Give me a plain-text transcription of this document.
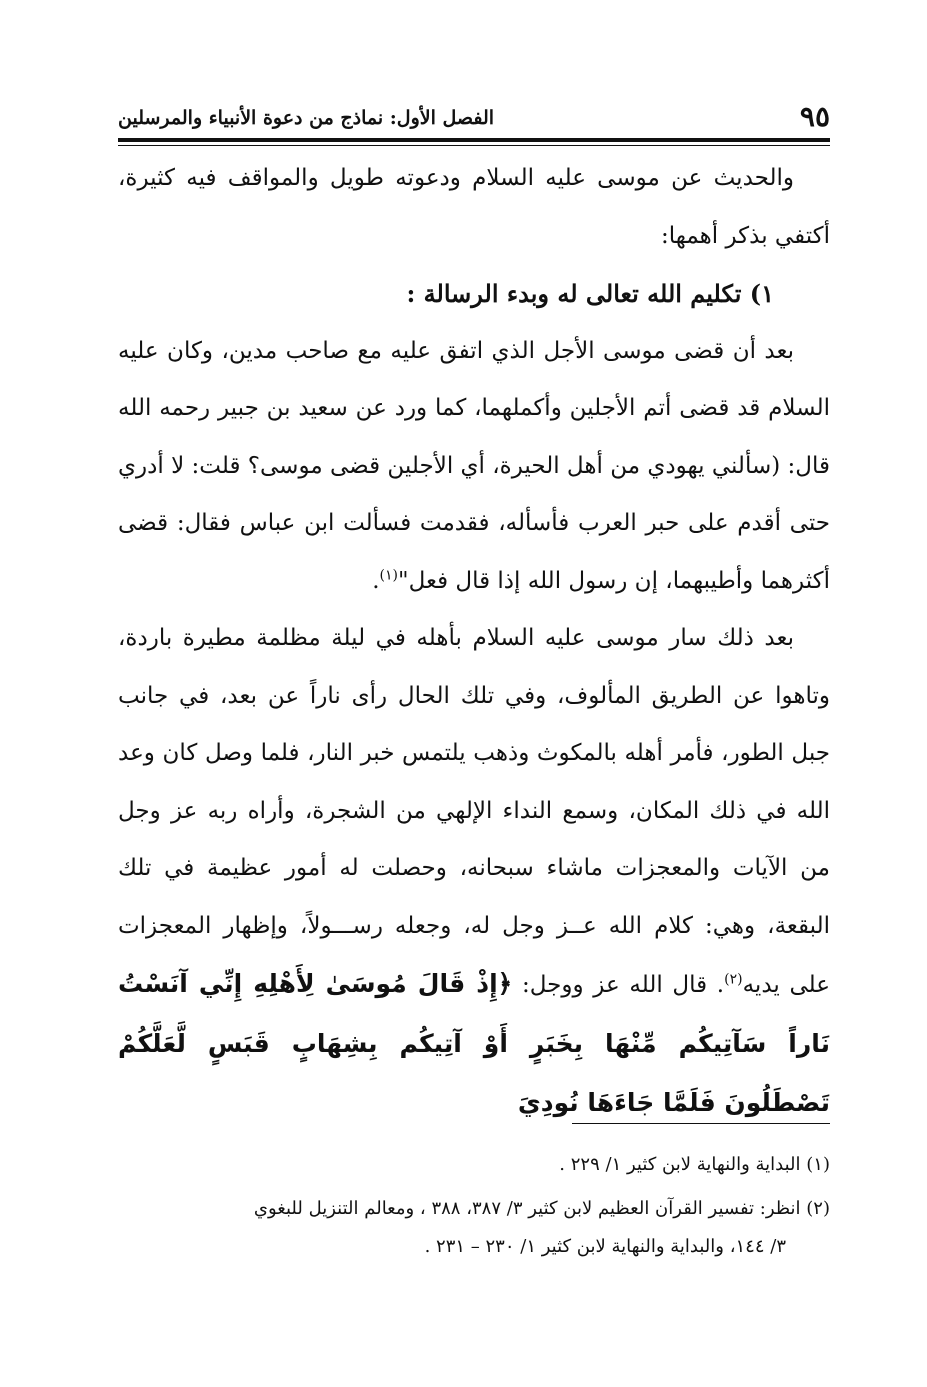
٩٥
الفصل الأول: نماذج من دعوة الأنبياء والمرسلين

والحديث عن موسى عليه السلام ودعوته طويل والمواقف فيه كثيرة، أكتفي بذكر أهمها:

١) تكليم الله تعالى له وبدء الرسالة :

بعد أن قضى موسى الأجل الذي اتفق عليه مع صاحب مدين، وكان عليه السلام قد قضى أتم الأجلين وأكملهما، كما ورد عن سعيد بن جبير رحمه الله قال: (سألني يهودي من أهل الحيرة، أي الأجلين قضى موسى؟ قلت: لا أدري حتى أقدم على حبر العرب فأسأله، فقدمت فسألت ابن عباس فقال: قضى أكثرهما وأطيبهما، إن رسول الله إذا قال فعل"$^{(١)}$.

بعد ذلك سار موسى عليه السلام بأهله في ليلة مظلمة مطيرة باردة، وتاهوا عن الطريق المألوف، وفي تلك الحال رأى ناراً عن بعد، في جانب جبل الطور، فأمر أهله بالمكوث وذهب يلتمس خبر النار، فلما وصل كان وعد الله في ذلك المكان، وسمع النداء الإلهي من الشجرة، وأراه ربه عز وجل من الآيات والمعجزات ماشاء سبحانه، وحصلت له أمور عظيمة في تلك البقعة، وهي: كلام الله عــز وجل له، وجعله رســـولاً، وإظهار المعجزات على يديه$^{(٢)}$. قال الله عز ووجل: ﴿إِذْ قَالَ مُوسَىٰ لِأَهْلِهِ إِنِّي آنَسْتُ نَاراً سَآتِيكُم مِّنْهَا بِخَبَرٍ أَوْ آتِيكُم بِشِهَابٍ قَبَسٍ لَّعَلَّكُمْ تَصْطَلُونَ فَلَمَّا جَاءَهَا نُودِيَ

(١) البداية والنهاية لابن كثير ١/ ٢٢٩ .

(٢) انظر: تفسير القرآن العظيم لابن كثير ٣/ ٣٨٧، ٣٨٨ ، ومعالم التنزيل للبغوي
٣/ ١٤٤، والبداية والنهاية لابن كثير ١/ ٢٣٠ – ٢٣١ .
